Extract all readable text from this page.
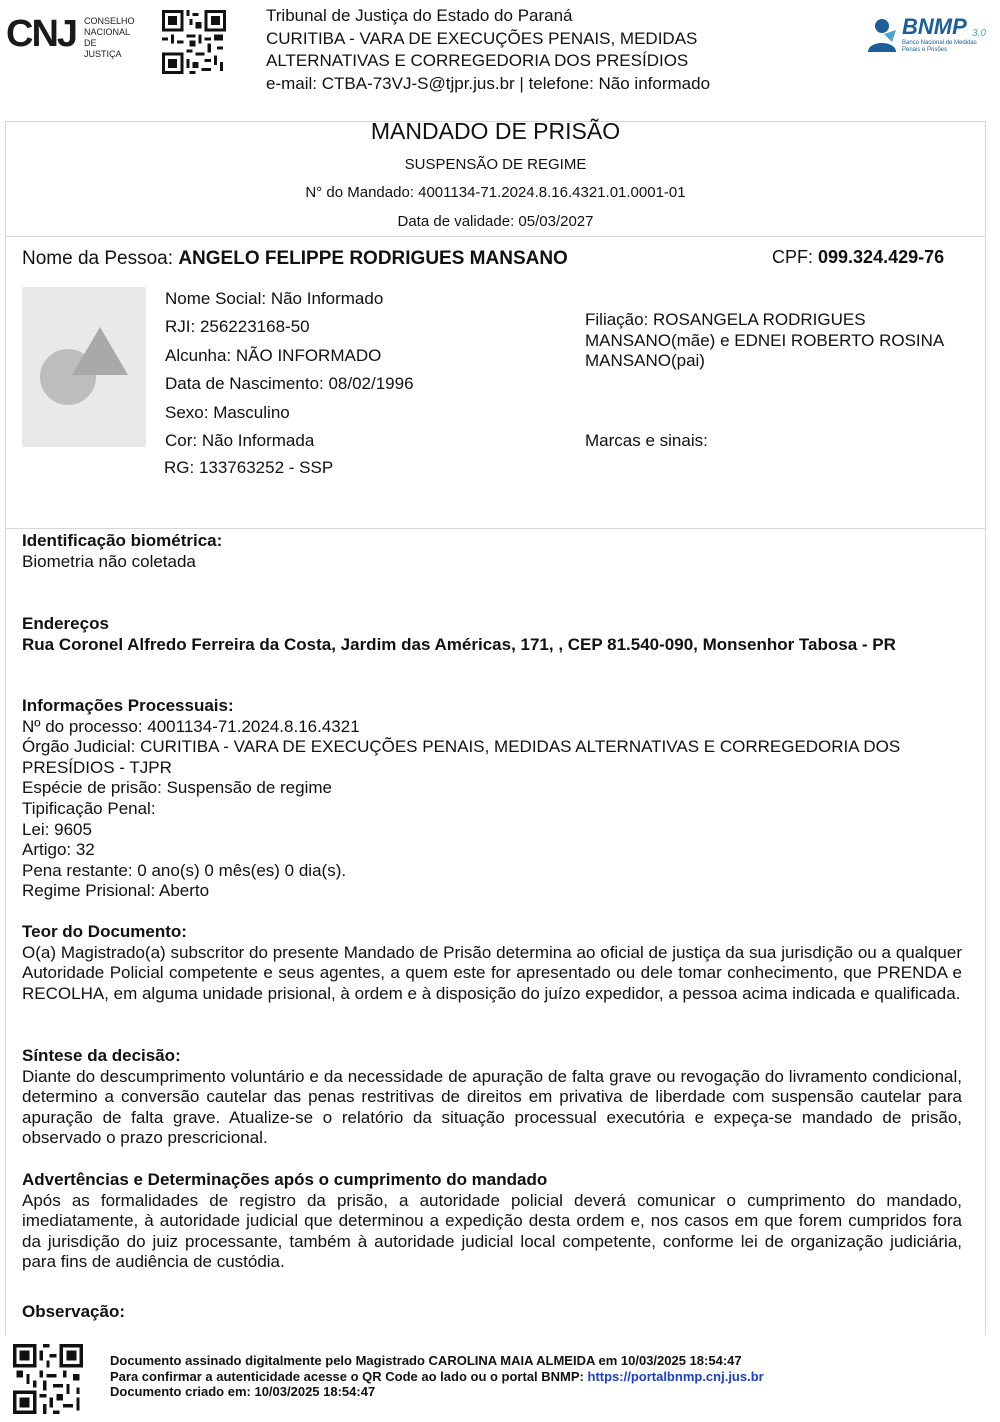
CNJ CONSELHO
NACIONAL
DE JUSTIÇA
Tribunal de Justiça do Estado do Paraná
CURITIBA - VARA DE EXECUÇÕES PENAIS, MEDIDAS
ALTERNATIVAS E CORREGEDORIA DOS PRESÍDIOS
e-mail: CTBA-73VJ-S@tjpr.jus.br | telefone: Não informado
BNMP 3.0
Banco Nacional de Medidas Penais e Prisões
MANDADO DE PRISÃO
SUSPENSÃO DE REGIME
N° do Mandado: 4001134-71.2024.8.16.4321.01.0001-01
Data de validade: 05/03/2027
Nome da Pessoa: ANGELO FELIPPE RODRIGUES MANSANO	CPF: 099.324.429-76
Nome Social: Não Informado
RJI: 256223168-50
Alcunha: NÃO INFORMADO
Data de Nascimento: 08/02/1996
Sexo: Masculino
Cor: Não Informada
RG: 133763252 - SSP
Filiação: ROSANGELA RODRIGUES MANSANO(mãe) e EDNEI ROBERTO ROSINA MANSANO(pai)
Marcas e sinais:
Identificação biométrica:
Biometria não coletada
Endereços
Rua Coronel Alfredo Ferreira da Costa, Jardim das Américas, 171, , CEP 81.540-090, Monsenhor Tabosa - PR
Informações Processuais:
Nº do processo: 4001134-71.2024.8.16.4321
Órgão Judicial: CURITIBA - VARA DE EXECUÇÕES PENAIS, MEDIDAS ALTERNATIVAS E CORREGEDORIA DOS PRESÍDIOS - TJPR
Espécie de prisão: Suspensão de regime
Tipificação Penal:
Lei: 9605
Artigo: 32
Pena restante: 0 ano(s) 0 mês(es) 0 dia(s).
Regime Prisional: Aberto
Teor do Documento:
O(a) Magistrado(a) subscritor do presente Mandado de Prisão determina ao oficial de justiça da sua jurisdição ou a qualquer Autoridade Policial competente e seus agentes, a quem este for apresentado ou dele tomar conhecimento, que PRENDA e RECOLHA, em alguma unidade prisional, à ordem e à disposição do juízo expedidor, a pessoa acima indicada e qualificada.
Síntese da decisão:
Diante do descumprimento voluntário e da necessidade de apuração de falta grave ou revogação do livramento condicional, determino a conversão cautelar das penas restritivas de direitos em privativa de liberdade com suspensão cautelar para apuração de falta grave. Atualize-se o relatório da situação processual executória e expeça-se mandado de prisão, observado o prazo prescricional.
Advertências e Determinações após o cumprimento do mandado
Após as formalidades de registro da prisão, a autoridade policial deverá comunicar o cumprimento do mandado, imediatamente, à autoridade judicial que determinou a expedição desta ordem e, nos casos em que forem cumpridos fora da jurisdição do juiz processante, também à autoridade judicial local competente, conforme lei de organização judiciária, para fins de audiência de custódia.
Observação:
Documento assinado digitalmente pelo Magistrado CAROLINA MAIA ALMEIDA em 10/03/2025 18:54:47
Para confirmar a autenticidade acesse o QR Code ao lado ou o portal BNMP: https://portalbnmp.cnj.jus.br
Documento criado em: 10/03/2025 18:54:47
